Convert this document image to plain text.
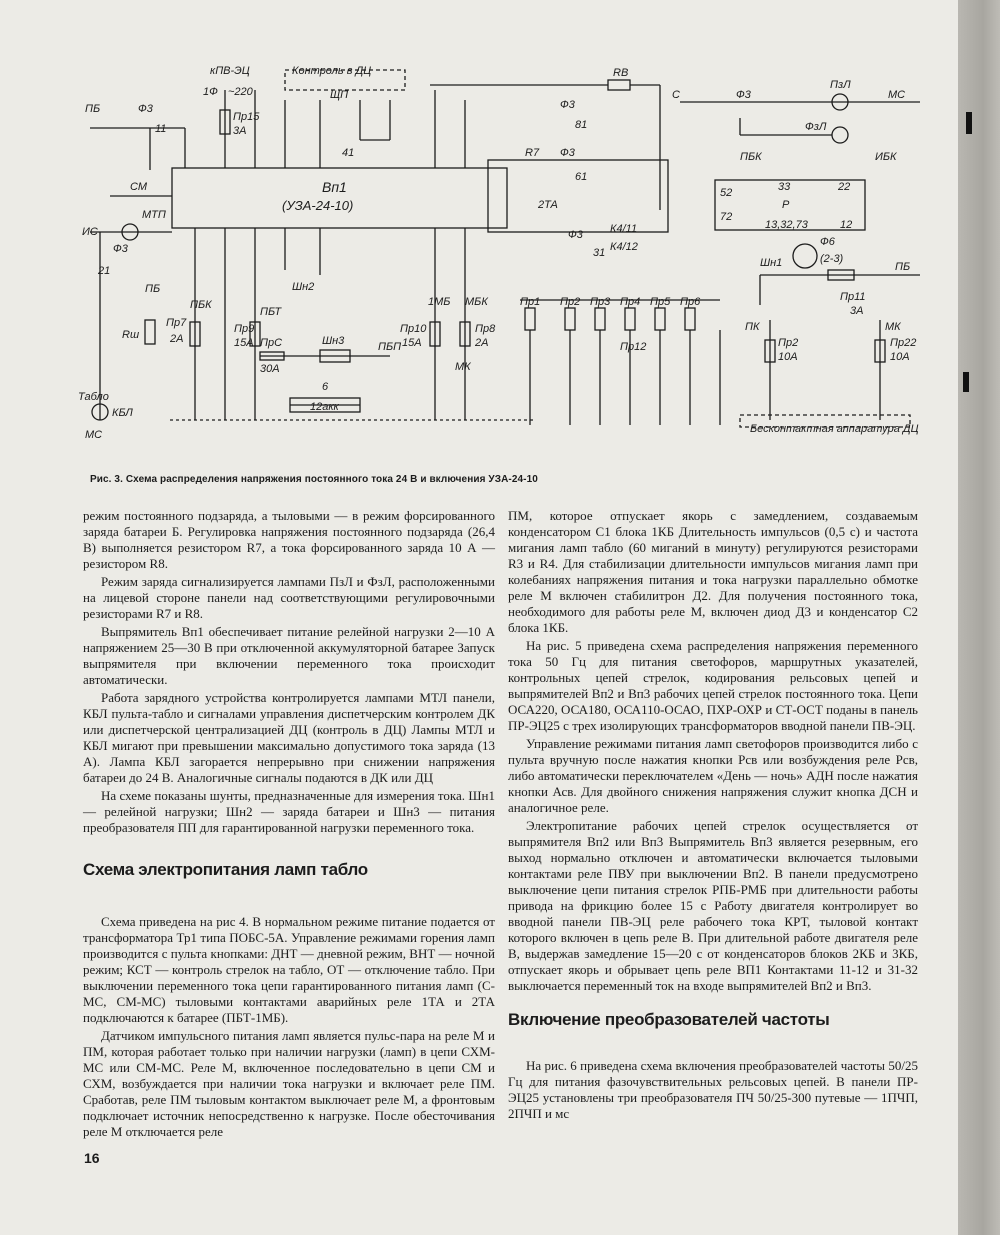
кПВ-ЭЦ	Контроль в ДЦ
ПБ	Ф3
11
1Ф ~220
Пр15
3А
ЩП
41
RВ
Ф3
81
R7 Ф3
61
2ТА
Ф3
31
К4/11
К4/12
С	Ф3
ПзЛ
ФзЛ
МС
ПБК	ИБК
Р
52	33	22
72
13,32,73	12
Ф6
(2-3)
Шн1	ПБ
Пр11
3А
Вп1
(УЗА-24-10)
СМ
ИС
МТП
Ф3
21
ПБ
Rш
ПБК
Пр7
2А
ПБТ
Шн2
Пр9
15А ПрС
30А
Шн3	ПБП
6
12акк
1МБ
Пр10
15А
МБК
Пр8
2А
МК
Табло
КБЛ
МС
Пр1 Пр2 Пр3 Пр4 Пр5 Пр6
Пр12
ПК
Пр2
10А
МК
Пр22
10А
Бесконтактная аппаратура ДЦ
Рис. 3. Схема распределения напряжения постоянного тока 24 В и включения УЗА-24-10

режим постоянного подзаряда, а тыловыми — в режим форсированного заряда батареи Б. Регулировка напряжения постоянного подзаряда (26,4 В) выполняется резистором R7, а тока форсированного заряда 10 А — резистором R8.

Режим заряда сигнализируется лампами ПзЛ и ФзЛ, расположенными на лицевой стороне панели над соответствующими регулировочными резисторами R7 и R8.

Выпрямитель Вп1 обеспечивает питание релейной нагрузки 2—10 А напряжением 25—30 В при отключенной аккумуляторной батарее Запуск выпрямителя при включении переменного тока происходит автоматически.

Работа зарядного устройства контролируется лампами МТЛ панели, КБЛ пульта-табло и сигналами управления диспетчерским контролем ДК или диспетчерской централизацией ДЦ (контроль в ДЦ) Лампы МТЛ и КБЛ мигают при превышении максимально допустимого тока заряда (13 А). Лампа КБЛ загорается непрерывно при снижении напряжения батареи до 24 В. Аналогичные сигналы подаются в ДК или ДЦ

На схеме показаны шунты, предназначенные для измерения тока. Шн1 — релейной нагрузки; Шн2 — заряда батареи и Шн3 — питания преобразователя ПП для гарантированной нагрузки переменного тока.

Схема электропитания ламп табло

Схема приведена на рис 4. В нормальном режиме питание подается от трансформатора Тр1 типа ПОБС-5А. Управление режимами горения ламп производится с пульта кнопками: ДНТ — дневной режим, ВНТ — ночной режим; КСТ — контроль стрелок на табло, ОТ — отключение табло. При выключении переменного тока цепи гарантированного питания ламп (С-МС, СМ-МС) тыловыми контактами аварийных реле 1ТА и 2ТА подключаются к батарее (ПБТ-1МБ).

Датчиком импульсного питания ламп является пульс-пара на реле М и ПМ, которая работает только при наличии нагрузки (ламп) в цепи СХМ-МС или СМ-МС. Реле М, включенное последовательно в цепи СМ и СХМ, возбуждается при наличии тока нагрузки и включает реле ПМ. Сработав, реле ПМ тыловым контактом выключает реле М, а фронтовым подключает источник непосредственно к нагрузке. После обесточивания реле М отключается реле

ПМ, которое отпускает якорь с замедлением, создаваемым конденсатором С1 блока 1КБ Длительность импульсов (0,5 с) и частота мигания ламп табло (60 миганий в минуту) регулируются резисторами R3 и R4. Для стабилизации длительности импульсов мигания ламп при колебаниях напряжения питания и тока нагрузки параллельно обмотке реле М включен стабилитрон Д2. Для получения постоянного тока, необходимого для работы реле М, включен диод Д3 и конденсатор С2 блока 1КБ.

На рис. 5 приведена схема распределения напряжения переменного тока 50 Гц для питания светофоров, маршрутных указателей, контрольных цепей стрелок, кодирования рельсовых цепей и выпрямителей Вп2 и Вп3 рабочих цепей стрелок постоянного тока. Цепи ОСА220, ОСА180, ОСА110-ОСАО, ПХР-ОХР и СТ-ОСТ поданы в панель ПР-ЭЦ25 с трех изолирующих трансформаторов вводной панели ПВ-ЭЦ.

Управление режимами питания ламп светофоров производится либо с пульта вручную после нажатия кнопки Рсв или возбуждения реле Рсв, либо автоматически переключателем «День — ночь» АДН после нажатия кнопки Асв. Для двойного снижения напряжения служит кнопка ДСН и аналогичное реле.

Электропитание рабочих цепей стрелок осуществляется от выпрямителя Вп2 или Вп3 Выпрямитель Вп3 является резервным, его выход нормально отключен и автоматически включается тыловыми контактами реле ПВУ при выключении Вп2. В панели предусмотрено выключение цепи питания стрелок РПБ-РМБ при длительности работы привода на фрикцию более 15 с Работу двигателя контролирует во вводной панели ПВ-ЭЦ реле рабочего тока КРТ, тыловой контакт которого включен в цепь реле В. При длительной работе двигателя реле В, выдержав замедление 15—20 с от конденсаторов блоков 2КБ и 3КБ, отпускает якорь и обрывает цепь реле ВП1 Контактами 11-12 и 31-32 выключается переменный ток на входе выпрямителей Вп2 и Вп3.

Включение преобразователей частоты

На рис. 6 приведена схема включения преобразователей частоты 50/25 Гц для питания фазочувствительных рельсовых цепей. В панели ПР-ЭЦ25 установлены три преобразователя ПЧ 50/25-300 путевые — 1ПЧП, 2ПЧП и мс

16
